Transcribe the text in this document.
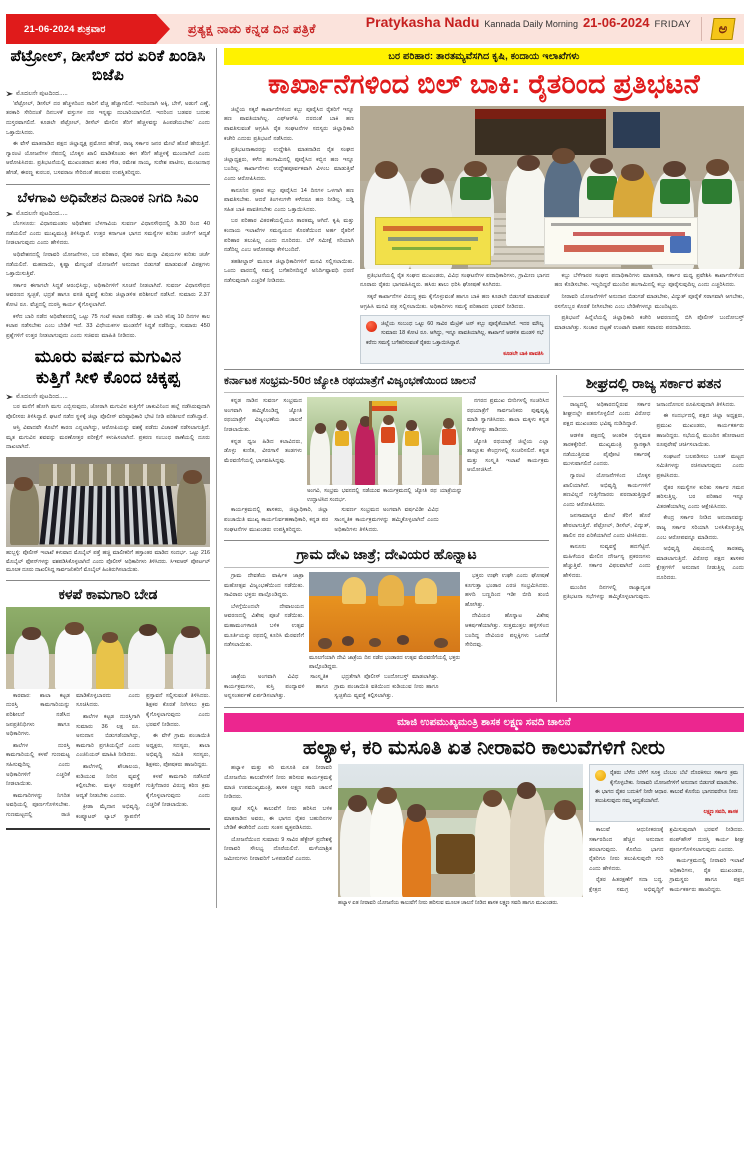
21-06-2024 ಶುಕ್ರವಾರ	ಪ್ರತ್ಯಕ್ಷ ನಾಡು ಕನ್ನಡ ದಿನ ಪತ್ರಿಕೆ	Pratykasha Nadu Kannada Daily Morning 21-06-2024 FRIDAY	ಅ
ಪೆಟ್ರೋಲ್, ಡೀಸೆಲ್ ದರ ಏರಿಕೆ ಖಂಡಿಸಿ ಬಿಜೆಪಿ
ಮೊದಲನೇ ಪುಟದಿಂದ.....

'ಪೆಟ್ರೋಲ್, ಡೀಸೆಲ್ ದರ ಹೆಚ್ಚಳದಿಂದ ಸಾರಿಗೆ ವೆಚ್ಚ ಹೆಚ್ಚಾಗಲಿದೆ. ಇದರಿಂದಾಗಿ ಅಕ್ಕಿ, ಬೇಳೆ, ಅಡುಗೆ ಎಣ್ಣೆ, ತರಕಾರಿ ಸೇರಿದಂತೆ ದಿನಬಳಕೆ ವಸ್ತುಗಳ ದರ ಇನ್ನಷ್ಟು ದುಬಾರಿಯಾಗಲಿದೆ. ಇದರಿಂದ ಬಡವರ ಬದುಕು ದುಸ್ತರವಾಗಲಿದೆ. ಕೂಡಲೇ ಪೆಟ್ರೋಲ್, ಡೀಸೆಲ್ ಮೇಲಿನ ತೆರಿಗೆ ಹೆಚ್ಚಳವನ್ನು ಹಿಂಪಡೆಯಬೇಕು' ಎಂದು ಒತ್ತಾಯಿಸಿದರು.

ಈ ವೇಳೆ ಮಾತನಾಡಿದ ಪಕ್ಷದ ಜಿಲ್ಲಾಧ್ಯಕ್ಷ ಪ್ರಮೋದ ಹೆಗಡೆ, ರಾಜ್ಯ ಸರ್ಕಾರ ಜನರ ಮೇಲೆ ಹೊರೆ ಹೇರುತ್ತಿದೆ. ಗ್ಯಾರಂಟಿ ಯೋಜನೆಗಳ ನೆಪದಲ್ಲಿ ಬೊಕ್ಕಸ ಖಾಲಿ ಮಾಡಿಕೊಂಡು ಈಗ ತೆರಿಗೆ ಹೆಚ್ಚಳಕ್ಕೆ ಮುಂದಾಗಿದೆ ಎಂದು ಆರೋಪಿಸಿದರು. ಪ್ರತಿಭಟನೆಯಲ್ಲಿ ಮುಖಂಡರಾದ ಶಂಕರ ಗೌಡ, ರಮೇಶ ನಾಯ್ಕ, ಸುರೇಶ ಪಾಟೀಲ, ಮಂಜುನಾಥ ಹೆಗಡೆ, ಈರಣ್ಣ ಕುರಬರ, ಬಸವರಾಜ ಸೇರಿದಂತೆ ಹಲವರು ಉಪಸ್ಥಿತರಿದ್ದರು.

ಬೆಳಗಾವಿ ಅಧಿವೇಶನ ದಿನಾಂಕ ನಿಗದಿ ಸಿಎಂ
ಮೊದಲನೇ ಪುಟದಿಂದ.....

ಬೆಂಗಳೂರು: ವಿಧಾನಮಂಡಲ ಅಧಿವೇಶನ ಬೆಳಗಾವಿಯ ಸುವರ್ಣ ವಿಧಾನಸೌಧದಲ್ಲಿ ಡಿ.30 ರಿಂದ 40 ನಡೆಯಲಿದೆ ಎಂದು ಮುಖ್ಯಮಂತ್ರಿ ತಿಳಿಸಿದ್ದಾರೆ. ಉತ್ತರ ಕರ್ನಾಟಕ ಭಾಗದ ಸಮಸ್ಯೆಗಳ ಕುರಿತು ಚರ್ಚೆಗೆ ಆದ್ಯತೆ ನೀಡಲಾಗುವುದು ಎಂದು ಹೇಳಿದರು.

ಅಧಿವೇಶನದಲ್ಲಿ ನೀರಾವರಿ ಯೋಜನೆಗಳು, ಬರ ಪರಿಹಾರ, ರೈತರ ಸಾಲ ಮನ್ನಾ ವಿಷಯಗಳ ಕುರಿತು ಚರ್ಚೆ ನಡೆಯಲಿದೆ. ಮಹದಾಯಿ, ಕೃಷ್ಣಾ ಮೇಲ್ದಂಡೆ ಯೋಜನೆಗೆ ಅನುದಾನ ಬಿಡುಗಡೆ ಮಾಡುವಂತೆ ವಿಪಕ್ಷಗಳು ಒತ್ತಾಯಿಸುತ್ತಿವೆ.

ಸರ್ಕಾರ ಈಗಾಗಲೇ ಸಿದ್ಧತೆ ಆರಂಭಿಸಿದ್ದು, ಅಧಿಕಾರಿಗಳಿಗೆ ಸೂಚನೆ ನೀಡಲಾಗಿದೆ. ಸುವರ್ಣ ವಿಧಾನಸೌಧದ ಆವರಣದ ಸ್ವಚ್ಛತೆ, ಭದ್ರತೆ ಹಾಗೂ ವಸತಿ ವ್ಯವಸ್ಥೆ ಕುರಿತು ಜಿಲ್ಲಾಡಳಿತ ಪರಿಶೀಲನೆ ನಡೆಸಿದೆ. ಸುಮಾರು 2.37 ಕೋಟಿ ರೂ. ವೆಚ್ಚದಲ್ಲಿ ದುರಸ್ತಿ ಕಾರ್ಯ ಕೈಗೊಳ್ಳಲಾಗಿದೆ.

ಕಳೆದ ಬಾರಿ ನಡೆದ ಅಧಿವೇಶನದಲ್ಲಿ ಒಟ್ಟು 75 ಗಂಟೆ ಕಲಾಪ ನಡೆದಿತ್ತು. ಈ ಬಾರಿ ಕನಿಷ್ಠ 10 ದಿನಗಳ ಕಾಲ ಕಲಾಪ ನಡೆಸಬೇಕು ಎಂಬ ಬೇಡಿಕೆ ಇದೆ. 33 ವಿಧೇಯಕಗಳ ಮಂಡನೆಗೆ ಸಿದ್ಧತೆ ನಡೆದಿದ್ದು, ಸುಮಾರು 450 ಪ್ರಶ್ನೆಗಳಿಗೆ ಉತ್ತರ ನೀಡಲಾಗುವುದು ಎಂದು ಸಚಿವರು ಮಾಹಿತಿ ನೀಡಿದರು.

ಮೂರು ವರ್ಷದ ಮಗುವಿನ
ಕುತ್ತಿಗೆ ಸೀಳಿ ಕೊಂದ ಚಿಕ್ಕಪ್ಪ
ಮೊದಲನೇ ಪುಟದಿಂದ.....

ಬರ ಮನೆಗೆ ಹೋಗಿ ಮಗು ಎಬ್ಬಿಸುವುದು, ಜೋರಾಗಿ ಮಗುವಿನ ಕುತ್ತಿಗೆಗೆ ಚಾಕುವಿನಿಂದ ಹಲ್ಲೆ ನಡೆಸಿರುವುದಾಗಿ ಪೊಲೀಸರು ತಿಳಿಸಿದ್ದಾರೆ. ಘಟನೆ ನಡೆದ ಸ್ಥಳಕ್ಕೆ ಜಿಲ್ಲಾ ಪೊಲೀಸ್ ವರಿಷ್ಠಾಧಿಕಾರಿ ಭೇಟಿ ನೀಡಿ ಪರಿಶೀಲನೆ ನಡೆಸಿದ್ದಾರೆ.

ಆಸ್ತಿ ವಿವಾದವೇ ಕೊಲೆಗೆ ಕಾರಣ ಎನ್ನಲಾಗಿದ್ದು, ಆರೋಪಿಯನ್ನು ವಶಕ್ಕೆ ಪಡೆದು ವಿಚಾರಣೆ ನಡೆಸಲಾಗುತ್ತಿದೆ. ಮೃತ ಮಗುವಿನ ಶವವನ್ನು ಮರಣೋತ್ತರ ಪರೀಕ್ಷೆಗೆ ಕಳುಹಿಸಲಾಗಿದೆ. ಪ್ರಕರಣ ಸಂಬಂಧ ಠಾಣೆಯಲ್ಲಿ ದೂರು ದಾಖಲಾಗಿದೆ.

ಹುಬ್ಬಳ್ಳಿ: ಪೊಲೀಸ್ ಇಲಾಖೆ ಕಳುವಾದ ಮೊಬೈಲ್ ಪತ್ತೆ ಹಚ್ಚಿ ಮಾಲೀಕರಿಗೆ ಹಸ್ತಾಂತರ ಮಾಡಿದ ಸಂದರ್ಭ. ಒಟ್ಟು 216 ಮೊಬೈಲ್ ಫೋನ್‌ಗಳನ್ನು ವಶಪಡಿಸಿಕೊಳ್ಳಲಾಗಿದೆ ಎಂದು ಪೊಲೀಸ್ ಅಧಿಕಾರಿಗಳು ತಿಳಿಸಿದರು. ಸಿಇಐಆರ್ ಪೋರ್ಟಲ್ ಮೂಲಕ ದೂರು ದಾಖಲಿಸಿದ್ದ ಸಾರ್ವಜನಿಕರಿಗೆ ಮೊಬೈಲ್ ಹಿಂತಿರುಗಿಸಲಾಯಿತು.
ಕಳಪೆ ಕಾಮಗಾರಿ ಬೇಡ

ಕಾರವಾರ: ಶಾಲಾ ಕಟ್ಟಡ ದುರಸ್ತಿ ಕಾಮಗಾರಿಯನ್ನು ಪರಿಶೀಲನೆ ನಡೆಸಿದ ಜನಪ್ರತಿನಿಧಿಗಳು ಹಾಗೂ ಅಧಿಕಾರಿಗಳು.

ಶಾಲೆಗಳ ದುರಸ್ತಿ ಕಾಮಗಾರಿಯಲ್ಲಿ ಕಳಪೆ ಗುಣಮಟ್ಟ ಸಹಿಸುವುದಿಲ್ಲ ಎಂದು ಅಧಿಕಾರಿಗಳಿಗೆ ಎಚ್ಚರಿಕೆ ನೀಡಲಾಯಿತು.

ಕಾಮಗಾರಿಗಳನ್ನು ನಿಗದಿತ ಅವಧಿಯಲ್ಲಿ ಪೂರ್ಣಗೊಳಿಸಬೇಕು. ಗುಣಮಟ್ಟದಲ್ಲಿ ರಾಜಿ ಮಾಡಿಕೊಳ್ಳಬಾರದು ಎಂದು ಸೂಚಿಸಿದರು.

ಶಾಲೆಗಳ ಕಟ್ಟಡ ದುರಸ್ತಿಗಾಗಿ ಸುಮಾರು 36 ಲಕ್ಷ ರೂ. ಅನುದಾನ ಬಿಡುಗಡೆಯಾಗಿದ್ದು, ಕಾಮಗಾರಿ ಪ್ರಗತಿಯಲ್ಲಿದೆ ಎಂದು ಎಂಜಿನಿಯರ್ ಮಾಹಿತಿ ನೀಡಿದರು.

ಶಾಲೆಗಳಲ್ಲಿ ಶೌಚಾಲಯ, ಕುಡಿಯುವ ನೀರಿನ ವ್ಯವಸ್ಥೆ ಕಲ್ಪಿಸಬೇಕು. ಮಕ್ಕಳ ಸುರಕ್ಷತೆಗೆ ಆದ್ಯತೆ ನೀಡಬೇಕು ಎಂದರು.

ಕ್ರೀಡಾ ಮೈದಾನ ಅಭಿವೃದ್ಧಿ, ಕಂಪ್ಯೂಟರ್ ಲ್ಯಾಬ್ ಸ್ಥಾಪನೆಗೆ ಪ್ರಸ್ತಾವನೆ ಸಲ್ಲಿಸುವಂತೆ ತಿಳಿಸಿದರು. ಶಿಕ್ಷಕರ ಕೊರತೆ ನೀಗಿಸಲು ಕ್ರಮ ಕೈಗೊಳ್ಳಲಾಗುವುದು ಎಂದು ಭರವಸೆ ನೀಡಿದರು.

ಈ ವೇಳೆ ಗ್ರಾಮ ಪಂಚಾಯಿತಿ ಅಧ್ಯಕ್ಷರು, ಸದಸ್ಯರು, ಶಾಲಾ ಅಭಿವೃದ್ಧಿ ಸಮಿತಿ ಸದಸ್ಯರು, ಶಿಕ್ಷಕರು, ಪೋಷಕರು ಹಾಜರಿದ್ದರು.

ಕಳಪೆ ಕಾಮಗಾರಿ ನಡೆಸಿದರೆ ಗುತ್ತಿಗೆದಾರರ ವಿರುದ್ಧ ಕಠಿಣ ಕ್ರಮ ಕೈಗೊಳ್ಳಲಾಗುವುದು ಎಂದು ಎಚ್ಚರಿಕೆ ನೀಡಲಾಯಿತು.

ಬರ ಪರಿಹಾರ: ತಾರತಮ್ಯವೆಸಗಿದ ಕೃಷಿ, ಕಂದಾಯ ಇಲಾಖೆಗಳು
ಕಾರ್ಖಾನೆಗಳಿಂದ ಬಿಲ್ ಬಾಕಿ: ರೈತರಿಂದ ಪ್ರತಿಭಟನೆ

ಜಿಲ್ಲೆಯ ಸಕ್ಕರೆ ಕಾರ್ಖಾನೆಗಳಿಂದ ಕಬ್ಬು ಪೂರೈಸಿದ ರೈತರಿಗೆ ಇನ್ನೂ ಹಣ ಪಾವತಿಯಾಗಿಲ್ಲ. ಎಫ್‌ಆರ್‌ಪಿ ದರದಂತೆ ಬಾಕಿ ಹಣ ಪಾವತಿಸುವಂತೆ ಆಗ್ರಹಿಸಿ ರೈತ ಸಂಘಟನೆಗಳ ಸದಸ್ಯರು ಜಿಲ್ಲಾಧಿಕಾರಿ ಕಚೇರಿ ಎದುರು ಪ್ರತಿಭಟನೆ ನಡೆಸಿದರು.

ಪ್ರತಿಭಟನಾಕಾರರನ್ನು ಉದ್ದೇಶಿಸಿ ಮಾತನಾಡಿದ ರೈತ ಸಂಘದ ಜಿಲ್ಲಾಧ್ಯಕ್ಷರು, ಕಳೆದ ಹಂಗಾಮಿನಲ್ಲಿ ಪೂರೈಸಿದ ಕಬ್ಬಿನ ಹಣ ಇನ್ನೂ ಬಂದಿಲ್ಲ. ಕಾರ್ಖಾನೆಗಳು ಉದ್ದೇಶಪೂರ್ವಕವಾಗಿ ವಿಳಂಬ ಮಾಡುತ್ತಿವೆ ಎಂದು ಆರೋಪಿಸಿದರು.

ಕಾನೂನಿನ ಪ್ರಕಾರ ಕಬ್ಬು ಪೂರೈಸಿದ 14 ದಿನಗಳ ಒಳಗಾಗಿ ಹಣ ಪಾವತಿಸಬೇಕು. ಆದರೆ ತಿಂಗಳುಗಳೇ ಕಳೆದರೂ ಹಣ ನೀಡಿಲ್ಲ. ಬಡ್ಡಿ ಸಹಿತ ಬಾಕಿ ಪಾವತಿಸಬೇಕು ಎಂದು ಒತ್ತಾಯಿಸಿದರು.

ಬರ ಪರಿಹಾರ ವಿತರಣೆಯಲ್ಲಿಯೂ ತಾರತಮ್ಯ ಆಗಿದೆ. ಕೃಷಿ ಮತ್ತು ಕಂದಾಯ ಇಲಾಖೆಗಳ ಸಮನ್ವಯದ ಕೊರತೆಯಿಂದ ಅರ್ಹ ರೈತರಿಗೆ ಪರಿಹಾರ ತಲುಪಿಲ್ಲ ಎಂದು ದೂರಿದರು. ಬೆಳೆ ಸಮೀಕ್ಷೆ ಸರಿಯಾಗಿ ನಡೆದಿಲ್ಲ ಎಂಬ ಆರೋಪವೂ ಕೇಳಿಬಂದಿದೆ.

ತಹಶೀಲ್ದಾರ್ ಮೂಲಕ ಜಿಲ್ಲಾಧಿಕಾರಿಗಳಿಗೆ ಮನವಿ ಸಲ್ಲಿಸಲಾಯಿತು. ಒಂದು ವಾರದಲ್ಲಿ ಸಮಸ್ಯೆ ಬಗೆಹರಿಸದಿದ್ದರೆ ಅನಿರ್ದಿಷ್ಟಾವಧಿ ಧರಣಿ ನಡೆಸುವುದಾಗಿ ಎಚ್ಚರಿಕೆ ನೀಡಿದರು.

ಪ್ರತಿಭಟನೆಯಲ್ಲಿ ರೈತ ಸಂಘದ ಮುಖಂಡರು, ವಿವಿಧ ಸಂಘಟನೆಗಳ ಪದಾಧಿಕಾರಿಗಳು, ಗ್ರಾಮೀಣ ಭಾಗದ ನೂರಾರು ರೈತರು ಭಾಗವಹಿಸಿದ್ದರು. ಹಸಿರು ಶಾಲು ಧರಿಸಿ ಘೋಷಣೆ ಕೂಗಿದರು.

ಸಕ್ಕರೆ ಕಾರ್ಖಾನೆಗಳ ವಿರುದ್ಧ ಕ್ರಮ ಕೈಗೊಳ್ಳುವಂತೆ ಹಾಗೂ ಬಾಕಿ ಹಣ ಕೂಡಲೇ ಬಿಡುಗಡೆ ಮಾಡುವಂತೆ ಆಗ್ರಹಿಸಿ ಮನವಿ ಪತ್ರ ಸಲ್ಲಿಸಲಾಯಿತು. ಅಧಿಕಾರಿಗಳು ಸಮಸ್ಯೆ ಪರಿಹಾರದ ಭರವಸೆ ನೀಡಿದರು.

ಜಿಲ್ಲೆಯ ಸಂಬಂಧ ಒಟ್ಟು 60 ಸಾವಿರ ಮೆಟ್ರಿಕ್ ಟನ್ ಕಬ್ಬು ಪೂರೈಕೆಯಾಗಿದೆ. ಇದರ ಮೌಲ್ಯ ಸುಮಾರು 18 ಕೋಟಿ ರೂ. ಆಗಿದ್ದು, ಇನ್ನೂ ಪಾವತಿಯಾಗಿಲ್ಲ. ಕಾರ್ಖಾನೆ ಆಡಳಿತ ಮಂಡಳಿ ಸಭೆ ಕರೆದು ಸಮಸ್ಯೆ ಬಗೆಹರಿಸುವಂತೆ ರೈತರು ಒತ್ತಾಯಿಸಿದ್ದಾರೆ.
ಕೂಡಲೇ ಬಾಕಿ ಪಾವತಿಸಿ

ಕಬ್ಬು ಬೆಳೆಗಾರರ ಸಂಘದ ಪದಾಧಿಕಾರಿಗಳು ಮಾತನಾಡಿ, ಸರ್ಕಾರ ಮಧ್ಯ ಪ್ರವೇಶಿಸಿ ಕಾರ್ಖಾನೆಗಳಿಂದ ಹಣ ಕೊಡಿಸಬೇಕು. ಇಲ್ಲದಿದ್ದರೆ ಮುಂದಿನ ಹಂಗಾಮಿನಲ್ಲಿ ಕಬ್ಬು ಪೂರೈಸುವುದಿಲ್ಲ ಎಂದು ಎಚ್ಚರಿಸಿದರು.

ನೀರಾವರಿ ಯೋಜನೆಗಳಿಗೆ ಅನುದಾನ ಬಿಡುಗಡೆ ಮಾಡಬೇಕು, ವಿದ್ಯುತ್ ಪೂರೈಕೆ ಸರಾಗವಾಗಿ ಆಗಬೇಕು, ರಸಗೊಬ್ಬರ ಕೊರತೆ ನೀಗಿಸಬೇಕು ಎಂಬ ಬೇಡಿಕೆಗಳನ್ನೂ ಮುಂದಿಟ್ಟರು.

ಪ್ರತಿಭಟನೆ ಹಿನ್ನೆಲೆಯಲ್ಲಿ ಜಿಲ್ಲಾಧಿಕಾರಿ ಕಚೇರಿ ಆವರಣದಲ್ಲಿ ಬಿಗಿ ಪೊಲೀಸ್ ಬಂದೋಬಸ್ತ್ ಮಾಡಲಾಗಿತ್ತು. ಸಂಚಾರ ದಟ್ಟಣೆ ಉಂಟಾಗಿ ವಾಹನ ಸವಾರರು ಪರದಾಡಿದರು.

ಕರ್ನಾಟಕ ಸಂಭ್ರಮ-50ರ ಜ್ಯೋತಿ ರಥಯಾತ್ರೆಗೆ ವಿಜೃಂಭಣೆಯಿಂದ ಚಾಲನೆ

ಕನ್ನಡ ನಾಡಿನ ಸುವರ್ಣ ಸಂಭ್ರಮದ ಅಂಗವಾಗಿ ಹಮ್ಮಿಕೊಂಡಿದ್ದ ಜ್ಯೋತಿ ರಥಯಾತ್ರೆಗೆ ವಿಜೃಂಭಣೆಯ ಚಾಲನೆ ನೀಡಲಾಯಿತು.

ಕನ್ನಡ ಧ್ವಜ ಹಿಡಿದ ಕಲಾವಿದರು, ಡೊಳ್ಳು ಕುಣಿತ, ವೀರಗಾಸೆ ತಂಡಗಳು ಮೆರವಣಿಗೆಯಲ್ಲಿ ಭಾಗವಹಿಸಿದ್ದವು.

ಅಂಗವಿ, ಸಂಭ್ರಮ ಭವನದಲ್ಲಿ ನಡೆಯುವ ಕಾರ್ಯಕ್ರಮದಲ್ಲಿ ಜ್ಯೋತಿ ರಥ ಯಾತ್ರೆಯನ್ನು ಉದ್ಘಾಟಿಸಿದ ಸಂದರ್ಭ.

ನಗರದ ಪ್ರಮುಖ ಬೀದಿಗಳಲ್ಲಿ ಸಂಚರಿಸಿದ ರಥಯಾತ್ರೆಗೆ ಸಾರ್ವಜನಿಕರು ಪುಷ್ಪವೃಷ್ಟಿ ಮಾಡಿ ಸ್ವಾಗತಿಸಿದರು. ಶಾಲಾ ಮಕ್ಕಳು ಕನ್ನಡ ಗೀತೆಗಳನ್ನು ಹಾಡಿದರು.

ಜ್ಯೋತಿ ರಥಯಾತ್ರೆ ಜಿಲ್ಲೆಯ ಎಲ್ಲಾ ತಾಲ್ಲೂಕು ಕೇಂದ್ರಗಳಲ್ಲಿ ಸಂಚರಿಸಲಿದೆ. ಕನ್ನಡ ಮತ್ತು ಸಂಸ್ಕೃತಿ ಇಲಾಖೆ ಕಾರ್ಯಕ್ರಮ ಆಯೋಜಿಸಿದೆ.

ಕಾರ್ಯಕ್ರಮದಲ್ಲಿ ಶಾಸಕರು, ಜಿಲ್ಲಾಧಿಕಾರಿ, ಜಿಲ್ಲಾ ಪಂಚಾಯಿತಿ ಮುಖ್ಯ ಕಾರ್ಯನಿರ್ವಹಣಾಧಿಕಾರಿ, ಕನ್ನಡ ಪರ ಸಂಘಟನೆಗಳ ಮುಖಂಡರು ಉಪಸ್ಥಿತರಿದ್ದರು.

ಸುವರ್ಣ ಸಂಭ್ರಮದ ಅಂಗವಾಗಿ ವರ್ಷವಿಡೀ ವಿವಿಧ ಸಾಂಸ್ಕೃತಿಕ ಕಾರ್ಯಕ್ರಮಗಳನ್ನು ಹಮ್ಮಿಕೊಳ್ಳಲಾಗಿದೆ ಎಂದು ಅಧಿಕಾರಿಗಳು ತಿಳಿಸಿದರು.

ಗ್ರಾಮ ದೇವಿ ಜಾತ್ರೆ; ದೇವಿಯರ ಹೊನ್ನಾಟ

ಗ್ರಾಮ ದೇವತೆಯ ವಾರ್ಷಿಕ ಜಾತ್ರಾ ಮಹೋತ್ಸವ ವಿಜೃಂಭಣೆಯಿಂದ ನಡೆಯಿತು. ಸಾವಿರಾರು ಭಕ್ತರು ಪಾಲ್ಗೊಂಡಿದ್ದರು.

ಬೆಳಗ್ಗೆಯಿಂದಲೇ ದೇವಾಲಯದ ಆವರಣದಲ್ಲಿ ವಿಶೇಷ ಪೂಜೆ ನಡೆಯಿತು. ಮಹಾಮಂಗಳಾರತಿ ಬಳಿಕ ಉತ್ಸವ ಮೂರ್ತಿಯನ್ನು ರಥದಲ್ಲಿ ಕೂರಿಸಿ ಮೆರವಣಿಗೆ ನಡೆಸಲಾಯಿತು.

ಮೂಲಗೆಯಾಗಿ ದೇವಿ ಜಾತ್ರೆಯ ದಿನ ನಡೆದ ಭಂಡಾರದ ಉತ್ಸವ ಮೆರವಣಿಗೆಯಲ್ಲಿ ಭಕ್ತರು ಪಾಲ್ಗೊಂಡಿದ್ದರು.

ಭಕ್ತರು ಉಘೇ ಉಘೇ ಎಂದು ಘೋಷಣೆ ಕೂಗುತ್ತಾ ಭಂಡಾರ ಎರಚಿ ಸಂಭ್ರಮಿಸಿದರು. ಹಳದಿ ಬಣ್ಣದಿಂದ ಇಡೀ ಬೀದಿ ತುಂಬಿ ಹೋಗಿತ್ತು.

ದೇವಿಯರ ಹೊನ್ನಾಟ ವಿಶೇಷ ಆಕರ್ಷಣೆಯಾಗಿತ್ತು. ಸುತ್ತಮುತ್ತಲ ಹಳ್ಳಿಗಳಿಂದ ಬಂದಿದ್ದ ದೇವಿಯರ ಪಲ್ಲಕ್ಕಿಗಳು ಒಂದೆಡೆ ಸೇರಿದವು.

ಜಾತ್ರೆಯ ಅಂಗವಾಗಿ ವಿವಿಧ ಸಾಂಸ್ಕೃತಿಕ ಕಾರ್ಯಕ್ರಮಗಳು, ಕುಸ್ತಿ ಪಂದ್ಯಾವಳಿ ಹಾಗೂ ಅನ್ನಸಂತರ್ಪಣೆ ಏರ್ಪಡಿಸಲಾಗಿತ್ತು.

ಭದ್ರತೆಗಾಗಿ ಪೊಲೀಸ್ ಬಂದೋಬಸ್ತ್ ಮಾಡಲಾಗಿತ್ತು. ಗ್ರಾಮ ಪಂಚಾಯಿತಿ ವತಿಯಿಂದ ಕುಡಿಯುವ ನೀರು ಹಾಗೂ ಸ್ವಚ್ಛತೆಯ ವ್ಯವಸ್ಥೆ ಕಲ್ಪಿಸಲಾಗಿತ್ತು.

ಶೀಘ್ರದಲ್ಲಿ ರಾಜ್ಯ ಸರ್ಕಾರ ಪತನ

ರಾಜ್ಯದಲ್ಲಿ ಅಧಿಕಾರದಲ್ಲಿರುವ ಸರ್ಕಾರ ಶೀಘ್ರದಲ್ಲೇ ಪತನಗೊಳ್ಳಲಿದೆ ಎಂದು ವಿರೋಧ ಪಕ್ಷದ ಮುಖಂಡರು ಭವಿಷ್ಯ ನುಡಿದಿದ್ದಾರೆ.

ಆಡಳಿತ ಪಕ್ಷದಲ್ಲಿ ಆಂತರಿಕ ಭಿನ್ನಮತ ತಾರಕಕ್ಕೇರಿದೆ. ಮುಖ್ಯಮಂತ್ರಿ ಸ್ಥಾನಕ್ಕಾಗಿ ನಡೆಯುತ್ತಿರುವ ಪೈಪೋಟಿ ಸರ್ಕಾರಕ್ಕೆ ಮುಳುವಾಗಲಿದೆ ಎಂದರು.

ಗ್ಯಾರಂಟಿ ಯೋಜನೆಗಳಿಂದ ಬೊಕ್ಕಸ ಖಾಲಿಯಾಗಿದೆ. ಅಭಿವೃದ್ಧಿ ಕಾರ್ಯಗಳಿಗೆ ಹಣವಿಲ್ಲದೆ ಗುತ್ತಿಗೆದಾರರು ಪರದಾಡುತ್ತಿದ್ದಾರೆ ಎಂದು ಆರೋಪಿಸಿದರು.

ಜನಸಾಮಾನ್ಯರ ಮೇಲೆ ತೆರಿಗೆ ಹೊರೆ ಹೇರಲಾಗುತ್ತಿದೆ. ಪೆಟ್ರೋಲ್, ಡೀಸೆಲ್, ವಿದ್ಯುತ್, ಹಾಲಿನ ದರ ಏರಿಕೆಯಾಗಿದೆ ಎಂದು ಟೀಕಿಸಿದರು.

ಕಾನೂನು ಸುವ್ಯವಸ್ಥೆ ಹದಗೆಟ್ಟಿದೆ. ಮಹಿಳೆಯರ ಮೇಲಿನ ದೌರ್ಜನ್ಯ ಪ್ರಕರಣಗಳು ಹೆಚ್ಚುತ್ತಿವೆ. ಸರ್ಕಾರ ವಿಫಲವಾಗಿದೆ ಎಂದು ಹೇಳಿದರು.

ಮುಂದಿನ ದಿನಗಳಲ್ಲಿ ರಾಜ್ಯಾದ್ಯಂತ ಪ್ರತಿಭಟನಾ ಸಭೆಗಳನ್ನು ಹಮ್ಮಿಕೊಳ್ಳಲಾಗುವುದು. ಜನಾಂದೋಲನ ರೂಪಿಸುವುದಾಗಿ ತಿಳಿಸಿದರು.

ಈ ಸಂದರ್ಭದಲ್ಲಿ ಪಕ್ಷದ ಜಿಲ್ಲಾ ಅಧ್ಯಕ್ಷರು, ಪ್ರಮುಖ ಮುಖಂಡರು, ಕಾರ್ಯಕರ್ತರು ಹಾಜರಿದ್ದರು. ಸಭೆಯಲ್ಲಿ ಮುಂದಿನ ಹೋರಾಟದ ರೂಪುರೇಷೆ ಚರ್ಚಿಸಲಾಯಿತು.

ಸಂಘಟನೆ ಬಲಪಡಿಸಲು ಬೂತ್ ಮಟ್ಟದ ಸಮಿತಿಗಳನ್ನು ರಚಿಸಲಾಗುವುದು ಎಂದು ಪ್ರಕಟಿಸಿದರು.

ರೈತರ ಸಮಸ್ಯೆಗಳ ಕುರಿತು ಸರ್ಕಾರ ಗಮನ ಹರಿಸುತ್ತಿಲ್ಲ. ಬರ ಪರಿಹಾರ ಇನ್ನೂ ವಿತರಣೆಯಾಗಿಲ್ಲ ಎಂದು ಆಕ್ಷೇಪಿಸಿದರು.

ಕೇಂದ್ರ ಸರ್ಕಾರ ನೀಡಿದ ಅನುದಾನವನ್ನು ರಾಜ್ಯ ಸರ್ಕಾರ ಸರಿಯಾಗಿ ಬಳಸಿಕೊಳ್ಳುತ್ತಿಲ್ಲ ಎಂಬ ಆರೋಪವನ್ನೂ ಮಾಡಿದರು.

ಅಭಿವೃದ್ಧಿ ವಿಷಯದಲ್ಲಿ ತಾರತಮ್ಯ ಮಾಡಲಾಗುತ್ತಿದೆ. ವಿರೋಧ ಪಕ್ಷದ ಶಾಸಕರ ಕ್ಷೇತ್ರಗಳಿಗೆ ಅನುದಾನ ನೀಡುತ್ತಿಲ್ಲ ಎಂದು ದೂರಿದರು.

ಮಾಜಿ ಉಪಮುಖ್ಯಮಂತ್ರಿ ಶಾಸಕ ಲಕ್ಷ್ಮಣ ಸವದಿ ಚಾಲನೆ
ಹಲ್ಯಾಳ, ಕರಿ ಮಸೂತಿ ಏತ ನೀರಾವರಿ ಕಾಲುವೆಗಳಿಗೆ ನೀರು

ಹಲ್ಯಾಳ ಮತ್ತು ಕರಿ ಮಸೂತಿ ಏತ ನೀರಾವರಿ ಯೋಜನೆಯ ಕಾಲುವೆಗಳಿಗೆ ನೀರು ಹರಿಸುವ ಕಾರ್ಯಕ್ರಮಕ್ಕೆ ಮಾಜಿ ಉಪಮುಖ್ಯಮಂತ್ರಿ, ಶಾಸಕ ಲಕ್ಷ್ಮಣ ಸವದಿ ಚಾಲನೆ ನೀಡಿದರು.

ಪೂಜೆ ಸಲ್ಲಿಸಿ ಕಾಲುವೆಗೆ ನೀರು ಹರಿಸಿದ ಬಳಿಕ ಮಾತನಾಡಿದ ಅವರು, ಈ ಭಾಗದ ರೈತರ ಬಹುದಿನಗಳ ಬೇಡಿಕೆ ಈಡೇರಿದೆ ಎಂದು ಸಂತಸ ವ್ಯಕ್ತಪಡಿಸಿದರು.

ಯೋಜನೆಯಿಂದ ಸುಮಾರು 9 ಸಾವಿರ ಹೆಕ್ಟೇರ್ ಪ್ರದೇಶಕ್ಕೆ ನೀರಾವರಿ ಸೌಲಭ್ಯ ದೊರೆಯಲಿದೆ. ಮಳೆಯಾಶ್ರಿತ ಜಮೀನುಗಳು ನೀರಾವರಿಗೆ ಒಳಪಡಲಿವೆ ಎಂದರು.

ಹಲ್ಯಾಳ ಏತ ನೀರಾವರಿ ಯೋಜನೆಯ ಕಾಲುವೆಗೆ ನೀರು ಹರಿಸುವ ಮೂಲಕ ಚಾಲನೆ ನೀಡಿದ ಶಾಸಕ ಲಕ್ಷ್ಮಣ ಸವದಿ ಹಾಗೂ ಮುಖಂಡರು.
ರೈತರು ಬೆಳೆದ ಬೆಳೆಗೆ ಸೂಕ್ತ ಬೆಂಬಲ ಬೆಲೆ ದೊರಕಿಸಲು ಸರ್ಕಾರ ಕ್ರಮ ಕೈಗೊಳ್ಳಬೇಕು. ನೀರಾವರಿ ಯೋಜನೆಗಳಿಗೆ ಅನುದಾನ ಬಿಡುಗಡೆ ಮಾಡಬೇಕು. ಈ ಭಾಗದ ರೈತರ ಬದುಕಿಗೆ ನೀರೇ ಆಧಾರ. ಕಾಲುವೆ ಕೊನೆಯ ಭಾಗದವರೆಗೂ ನೀರು ತಲುಪಿಸುವುದು ನಮ್ಮ ಆದ್ಯತೆಯಾಗಿದೆ.
ಲಕ್ಷ್ಮಣ ಸವದಿ, ಶಾಸಕ

ಕಾಲುವೆ ಆಧುನೀಕರಣಕ್ಕೆ ಸರ್ಕಾರದಿಂದ ಹೆಚ್ಚಿನ ಅನುದಾನ ತರಲಾಗುವುದು. ಕೊನೆಯ ಭಾಗದ ರೈತರಿಗೂ ನೀರು ತಲುಪಿಸುವುದೇ ಗುರಿ ಎಂದು ಹೇಳಿದರು.

ರೈತರ ಹಿತರಕ್ಷಣೆಗೆ ಸದಾ ಬದ್ಧ. ಕ್ಷೇತ್ರದ ಸಮಗ್ರ ಅಭಿವೃದ್ಧಿಗೆ ಶ್ರಮಿಸುವುದಾಗಿ ಭರವಸೆ ನೀಡಿದರು. ಪಂಪ್‌ಹೌಸ್ ದುರಸ್ತಿ ಕಾರ್ಯ ಶೀಘ್ರ ಪೂರ್ಣಗೊಳಿಸಲಾಗುವುದು ಎಂದರು.

ಕಾರ್ಯಕ್ರಮದಲ್ಲಿ ನೀರಾವರಿ ಇಲಾಖೆ ಅಧಿಕಾರಿಗಳು, ರೈತ ಮುಖಂಡರು, ಗ್ರಾಮಸ್ಥರು ಹಾಗೂ ಪಕ್ಷದ ಕಾರ್ಯಕರ್ತರು ಹಾಜರಿದ್ದರು.
